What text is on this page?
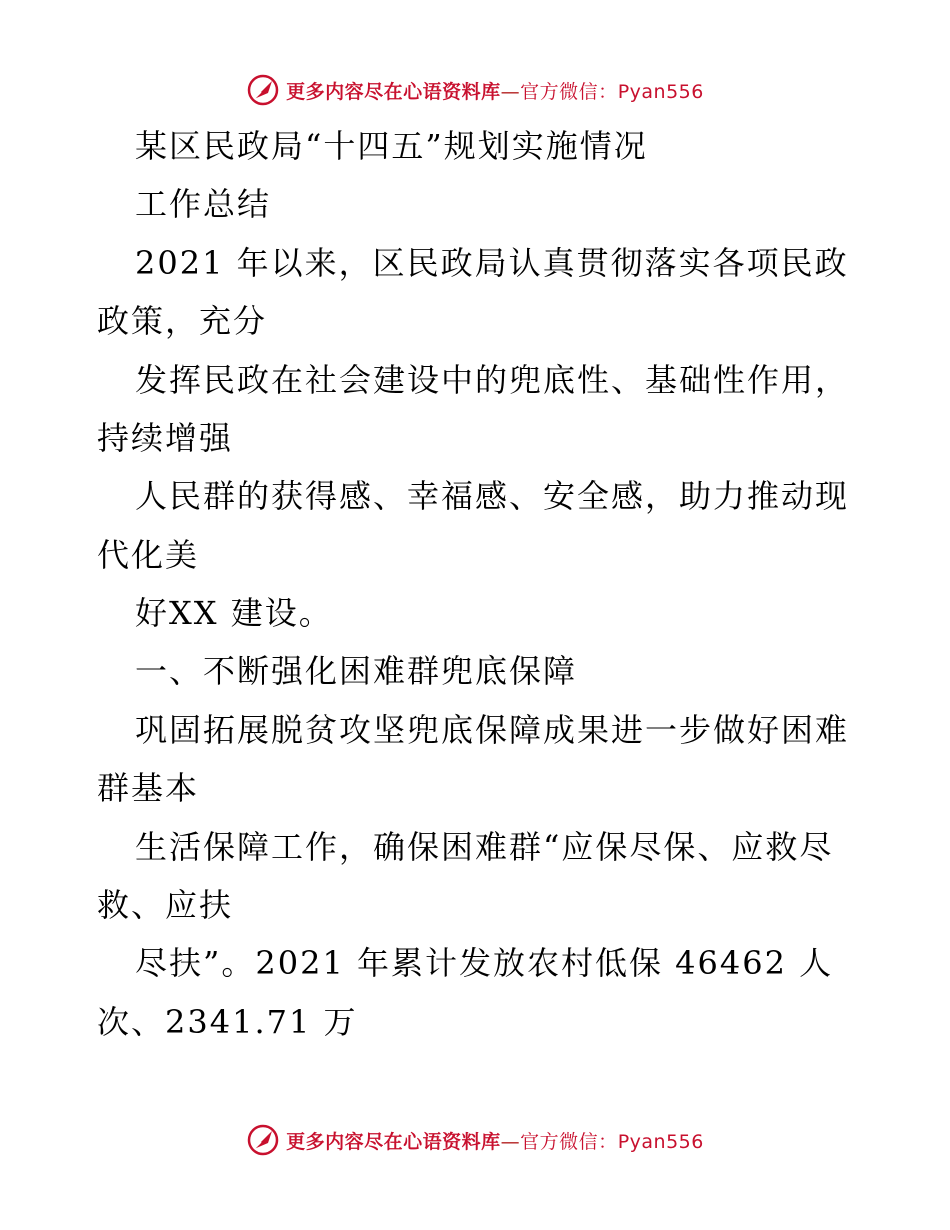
更多内容尽在心语资料库—官方微信：Pyan556
某区民政局“十四五”规划实施情况
工作总结
2021 年以来，区民政局认真贯彻落实各项民政
政策，充分
发挥民政在社会建设中的兜底性、基础性作用，
持续增强
人民群的获得感、幸福感、安全感，助力推动现
代化美
好XX 建设。
一、不断强化困难群兜底保障
巩固拓展脱贫攻坚兜底保障成果进一步做好困难
群基本
生活保障工作，确保困难群“应保尽保、应救尽
救、应扶
尽扶”。2021 年累计发放农村低保 46462 人
次、2341.71 万
更多内容尽在心语资料库—官方微信：Pyan556
